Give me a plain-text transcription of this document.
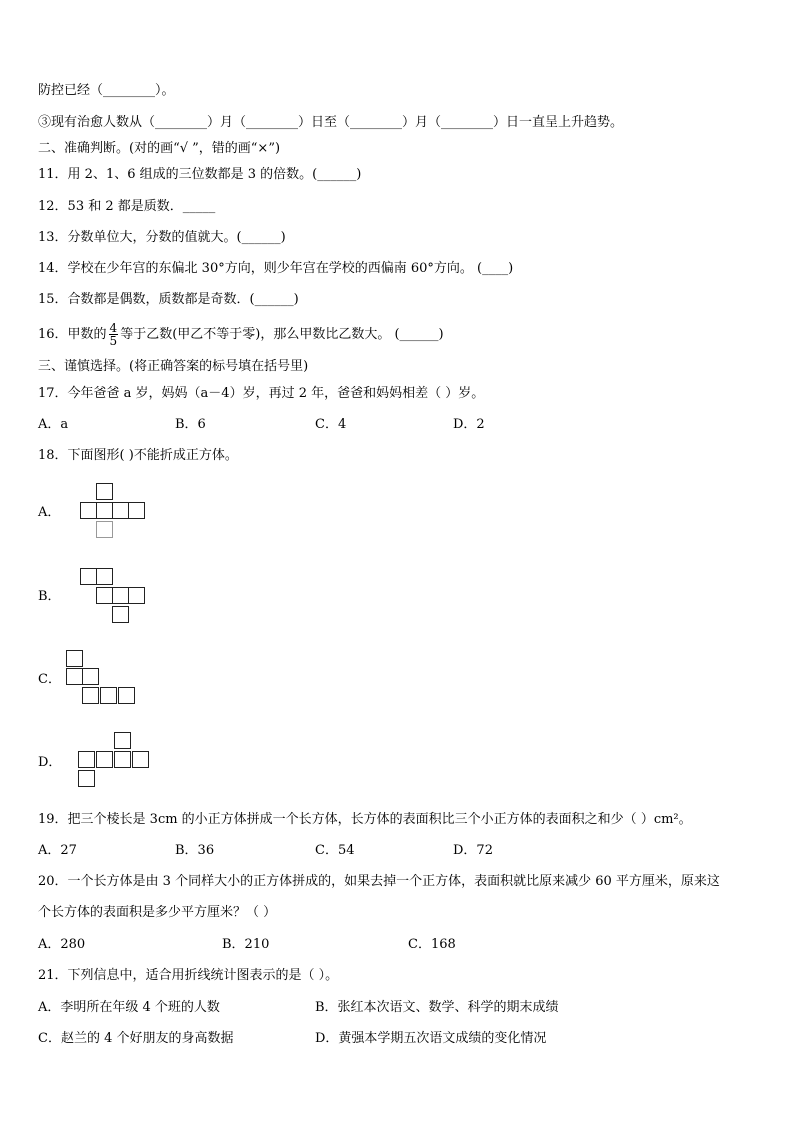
防控已经（________）。
③现有治愈人数从（________）月（________）日至（________）月（________）日一直呈上升趋势。
二、准确判断。(对的画“√ ”，错的画“×”)
11．用 2、1、6 组成的三位数都是 3 的倍数。(______)
12．53 和 2 都是质数．_____
13．分数单位大，分数的值就大。(______)
14．学校在少年宫的东偏北 30°方向，则少年宫在学校的西偏南 60°方向。 (____)
15．合数都是偶数，质数都是奇数．(______)
16．甲数的 $\frac{4}{5}$ 等于乙数(甲乙不等于零)，那么甲数比乙数大。 (______)
三、谨慎选择。(将正确答案的标号填在括号里)
17．今年爸爸 a 岁，妈妈（a－4）岁，再过 2 年，爸爸和妈妈相差（ ）岁。
A．a	B．6	C．4	D．2
18．下面图形( )不能折成正方体。
A．
B．
C．
D．
19．把三个棱长是 3cm 的小正方体拼成一个长方体，长方体的表面积比三个小正方体的表面积之和少（ ）cm²。
A．27	B．36	C．54	D．72
20．一个长方体是由 3 个同样大小的正方体拼成的，如果去掉一个正方体，表面积就比原来减少 60 平方厘米，原来这
个长方体的表面积是多少平方厘米？（ ）
A．280	B．210	C．168
21．下列信息中，适合用折线统计图表示的是（ ）。
A．李明所在年级 4 个班的人数	B．张红本次语文、数学、科学的期末成绩
C．赵兰的 4 个好朋友的身高数据	D．黄强本学期五次语文成绩的变化情况
